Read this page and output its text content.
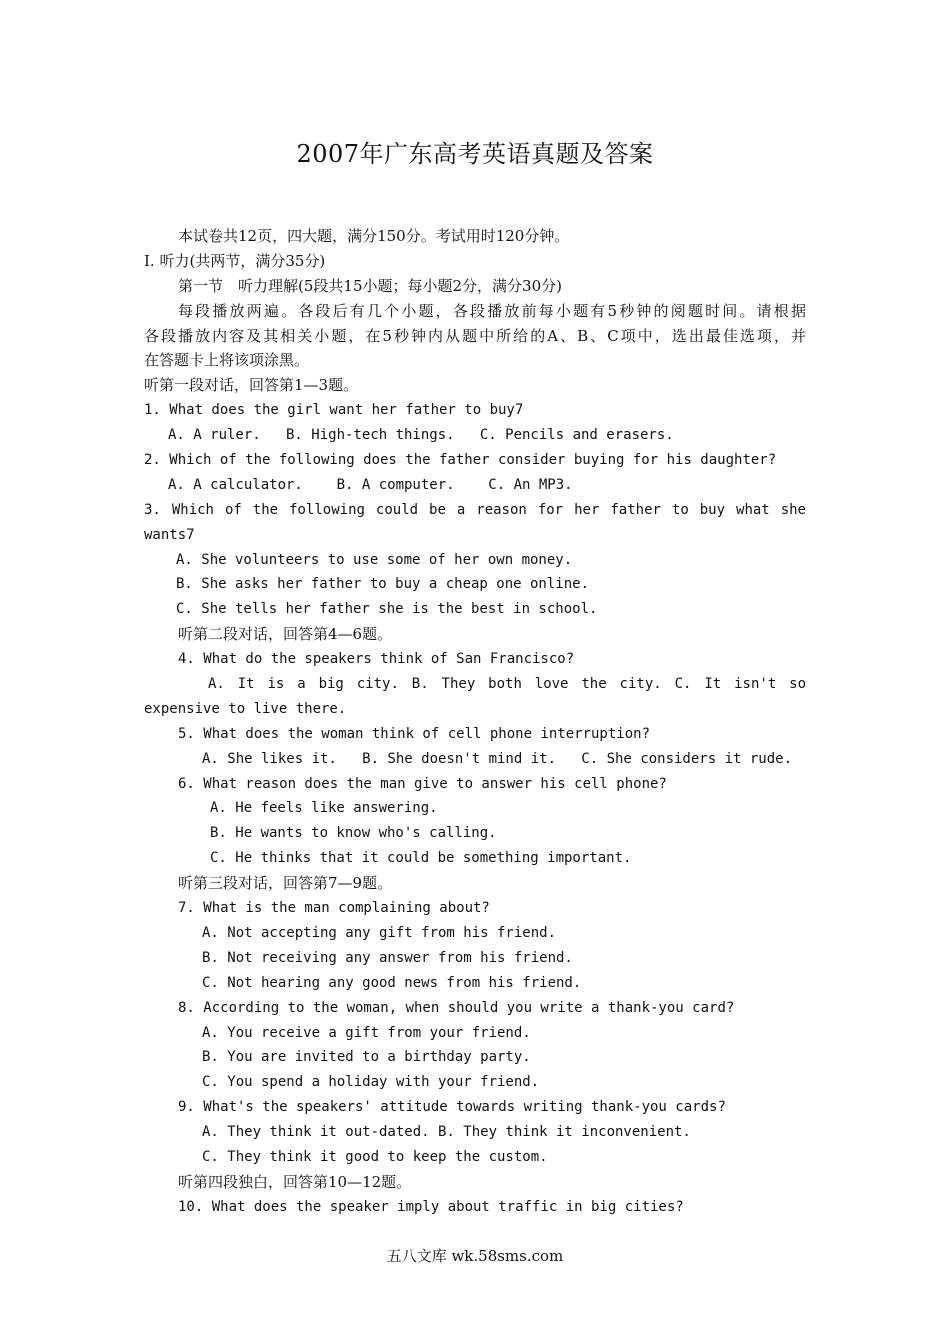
2007年广东高考英语真题及答案
本试卷共12页，四大题，满分150分。考试用时120分钟。
I. 听力(共两节，满分35分)
第一节　听力理解(5段共15小题；每小题2分，满分30分)
每段播放两遍。各段后有几个小题，各段播放前每小题有5秒钟的阅题时间。请根据
各段播放内容及其相关小题，在5秒钟内从题中所给的A、B、C项中，选出最佳选项，并
在答题卡上将该项涂黑。
听第一段对话，回答第1—3题。
1. What does the girl want her father to buy7
A. A ruler.   B. High-tech things.   C. Pencils and erasers.
2. Which of the following does the father consider buying for his daughter?
A. A calculator.    B. A computer.    C. An MP3.
3. Which of the following could be a reason for her father to buy what she
wants7
A. She volunteers to use some of her own money.
B. She asks her father to buy a cheap one online.
C. She tells her father she is the best in school.
听第二段对话，回答第4—6题。
4. What do the speakers think of San Francisco?
A. It is a big city. B. They both love the city. C. It isn't so
expensive to live there.
5. What does the woman think of cell phone interruption?
A. She likes it.   B. She doesn't mind it.   C. She considers it rude.
6. What reason does the man give to answer his cell phone?
A. He feels like answering.
B. He wants to know who's calling.
C. He thinks that it could be something important.
听第三段对话，回答第7—9题。
7. What is the man complaining about?
A. Not accepting any gift from his friend.
B. Not receiving any answer from his friend.
C. Not hearing any good news from his friend.
8. According to the woman, when should you write a thank-you card?
A. You receive a gift from your friend.
B. You are invited to a birthday party.
C. You spend a holiday with your friend.
9. What's the speakers' attitude towards writing thank-you cards?
A. They think it out-dated. B. They think it inconvenient.
C. They think it good to keep the custom.
听第四段独白，回答第10—12题。
10. What does the speaker imply about traffic in big cities?
五八文库 wk.58sms.com
